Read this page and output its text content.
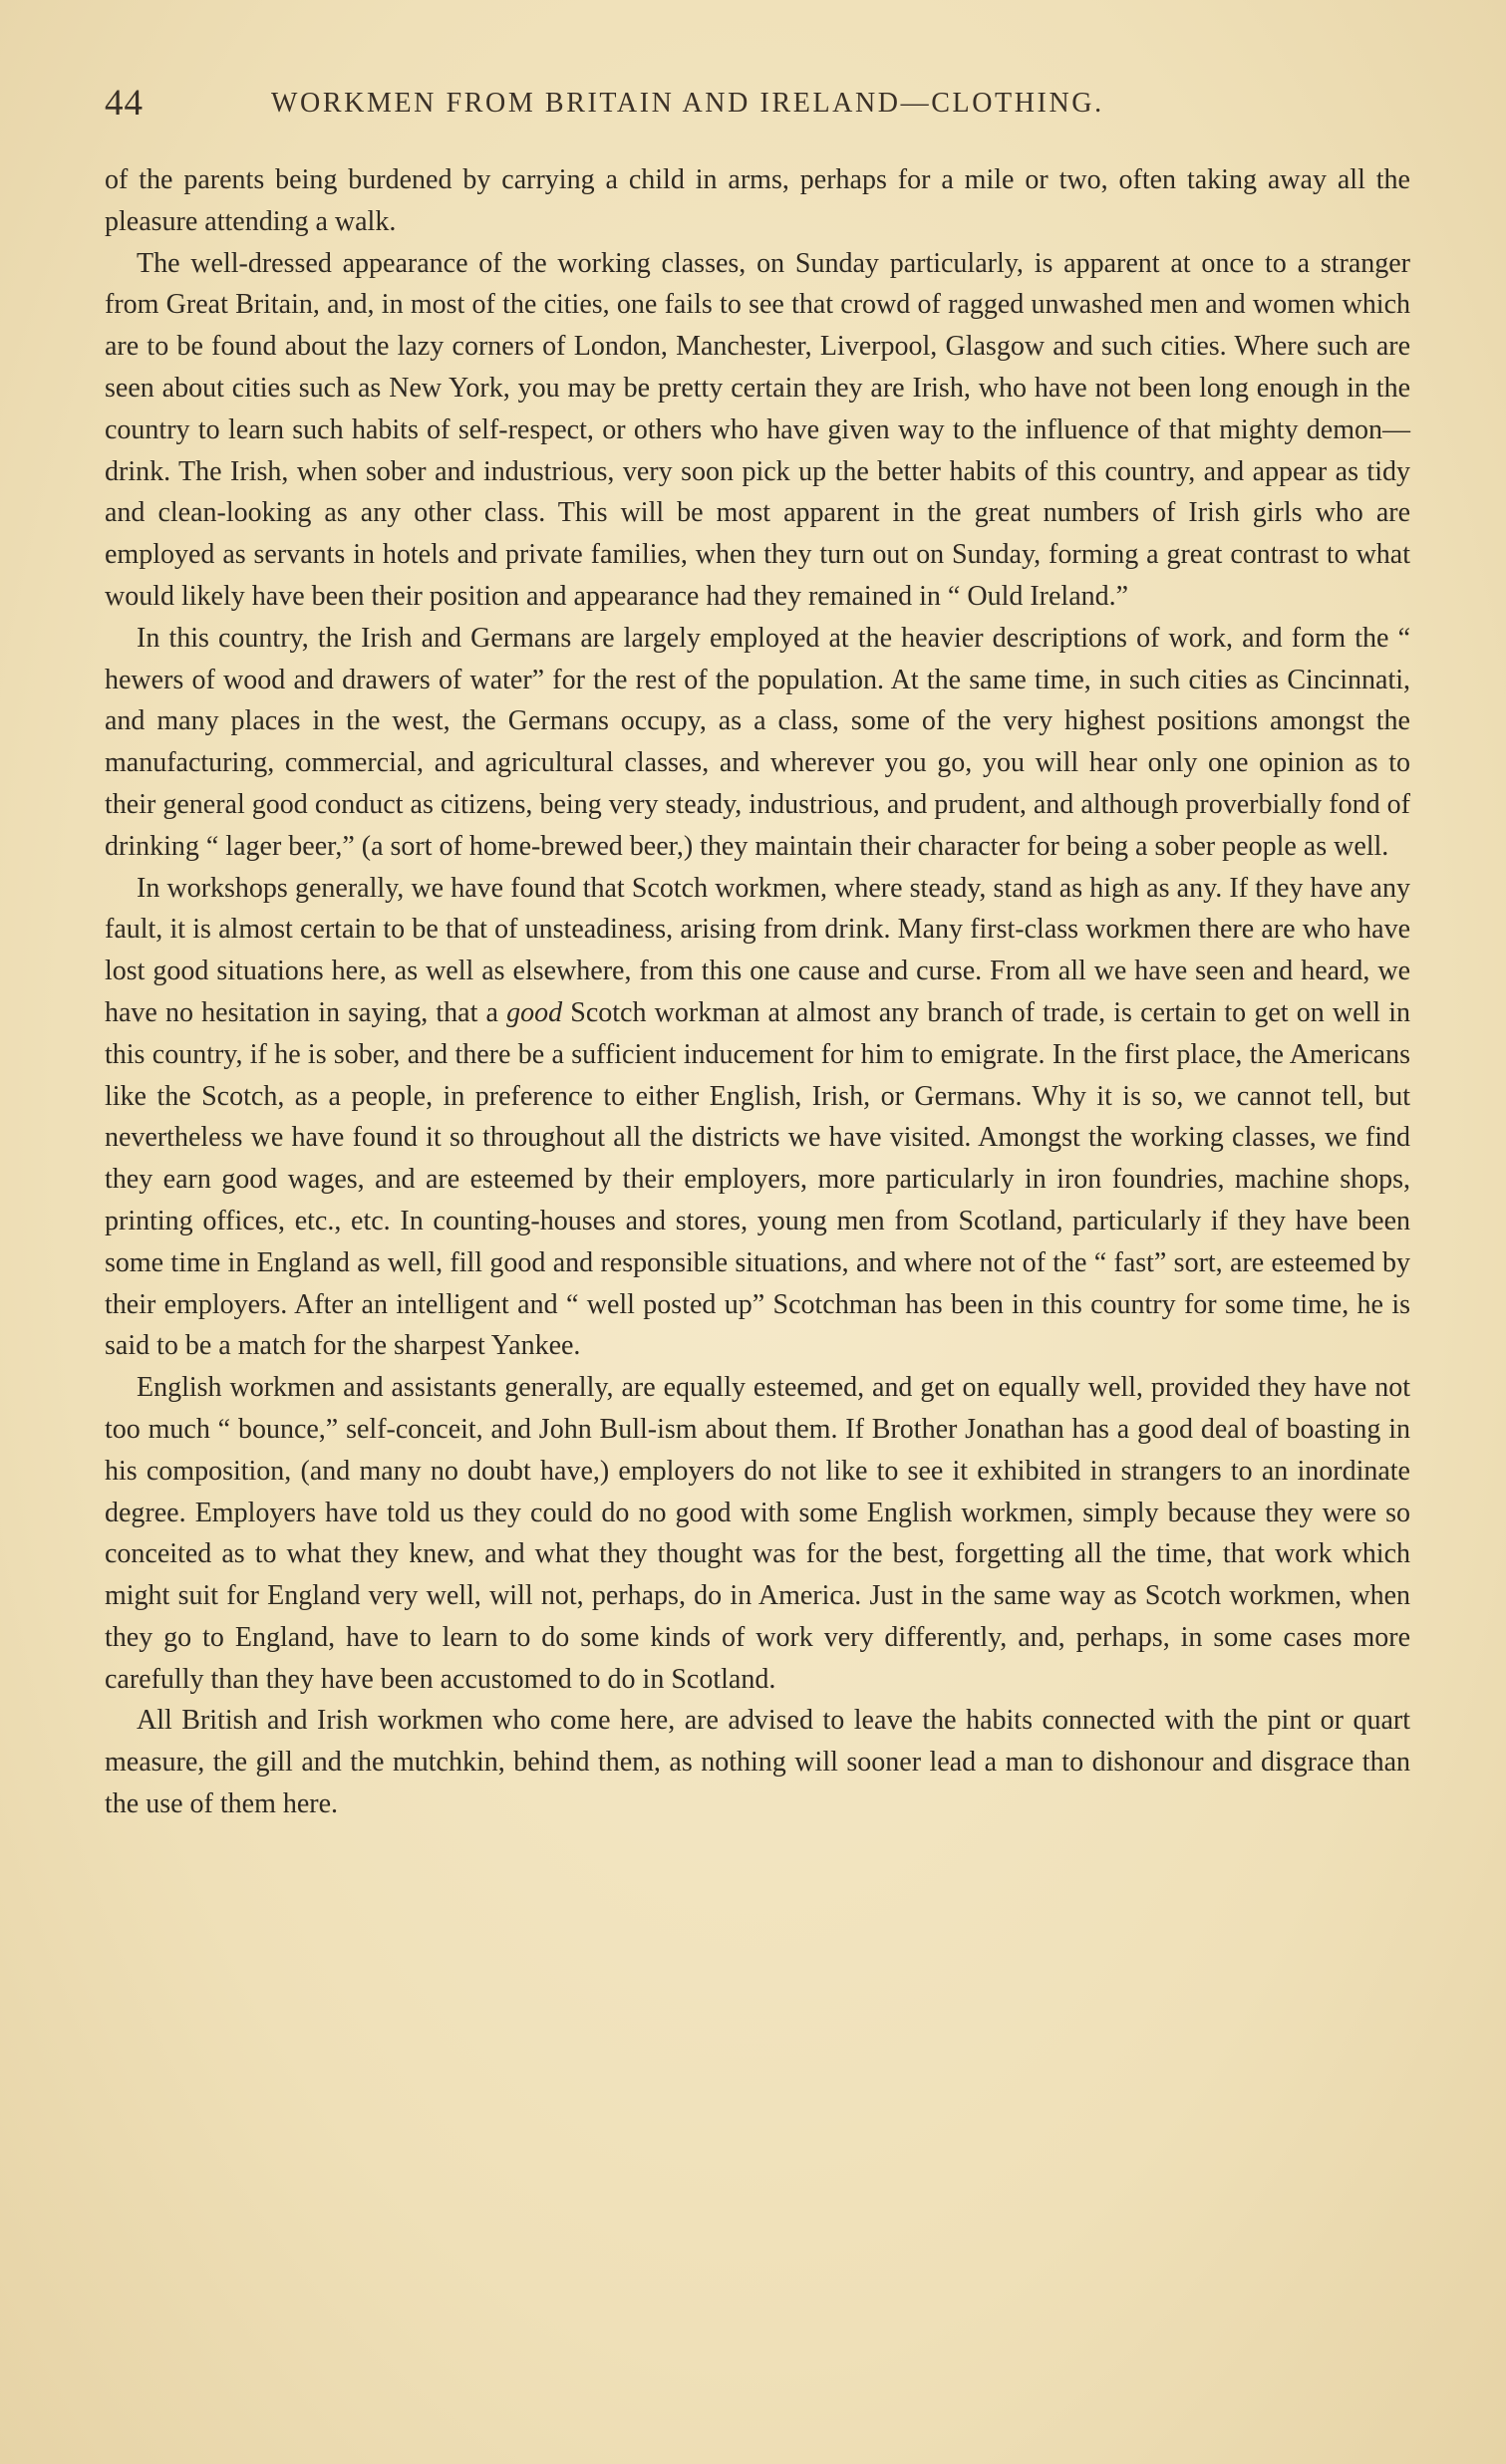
44	WORKMEN FROM BRITAIN AND IRELAND—CLOTHING.

of the parents being burdened by carrying a child in arms, perhaps for a mile or two, often taking away all the pleasure attending a walk.

The well-dressed appearance of the working classes, on Sunday particularly, is apparent at once to a stranger from Great Britain, and, in most of the cities, one fails to see that crowd of ragged unwashed men and women which are to be found about the lazy corners of London, Manchester, Liverpool, Glasgow and such cities. Where such are seen about cities such as New York, you may be pretty certain they are Irish, who have not been long enough in the country to learn such habits of self-respect, or others who have given way to the influence of that mighty demon—drink. The Irish, when sober and industrious, very soon pick up the better habits of this country, and appear as tidy and clean-looking as any other class. This will be most apparent in the great numbers of Irish girls who are employed as servants in hotels and private families, when they turn out on Sunday, forming a great contrast to what would likely have been their position and appearance had they remained in “ Ould Ireland.”

In this country, the Irish and Germans are largely employed at the heavier descriptions of work, and form the “ hewers of wood and drawers of water” for the rest of the population. At the same time, in such cities as Cincinnati, and many places in the west, the Germans occupy, as a class, some of the very highest positions amongst the manufacturing, commercial, and agricultural classes, and wherever you go, you will hear only one opinion as to their general good conduct as citizens, being very steady, industrious, and prudent, and although proverbially fond of drinking “ lager beer,” (a sort of home-brewed beer,) they maintain their character for being a sober people as well.

In workshops generally, we have found that Scotch workmen, where steady, stand as high as any. If they have any fault, it is almost certain to be that of unsteadiness, arising from drink. Many first-class workmen there are who have lost good situations here, as well as elsewhere, from this one cause and curse. From all we have seen and heard, we have no hesitation in saying, that a good Scotch workman at almost any branch of trade, is certain to get on well in this country, if he is sober, and there be a sufficient inducement for him to emigrate. In the first place, the Americans like the Scotch, as a people, in preference to either English, Irish, or Germans. Why it is so, we cannot tell, but nevertheless we have found it so throughout all the districts we have visited. Amongst the working classes, we find they earn good wages, and are esteemed by their employers, more particularly in iron foundries, machine shops, printing offices, etc., etc. In counting-houses and stores, young men from Scotland, particularly if they have been some time in England as well, fill good and responsible situations, and where not of the “ fast” sort, are esteemed by their employers. After an intelligent and “ well posted up” Scotchman has been in this country for some time, he is said to be a match for the sharpest Yankee.

English workmen and assistants generally, are equally esteemed, and get on equally well, provided they have not too much “ bounce,” self-conceit, and John Bull-ism about them. If Brother Jonathan has a good deal of boasting in his composition, (and many no doubt have,) employers do not like to see it exhibited in strangers to an inordinate degree. Employers have told us they could do no good with some English workmen, simply because they were so conceited as to what they knew, and what they thought was for the best, forgetting all the time, that work which might suit for England very well, will not, perhaps, do in America. Just in the same way as Scotch workmen, when they go to England, have to learn to do some kinds of work very differently, and, perhaps, in some cases more carefully than they have been accustomed to do in Scotland.

All British and Irish workmen who come here, are advised to leave the habits connected with the pint or quart measure, the gill and the mutchkin, behind them, as nothing will sooner lead a man to dishonour and disgrace than the use of them here.
